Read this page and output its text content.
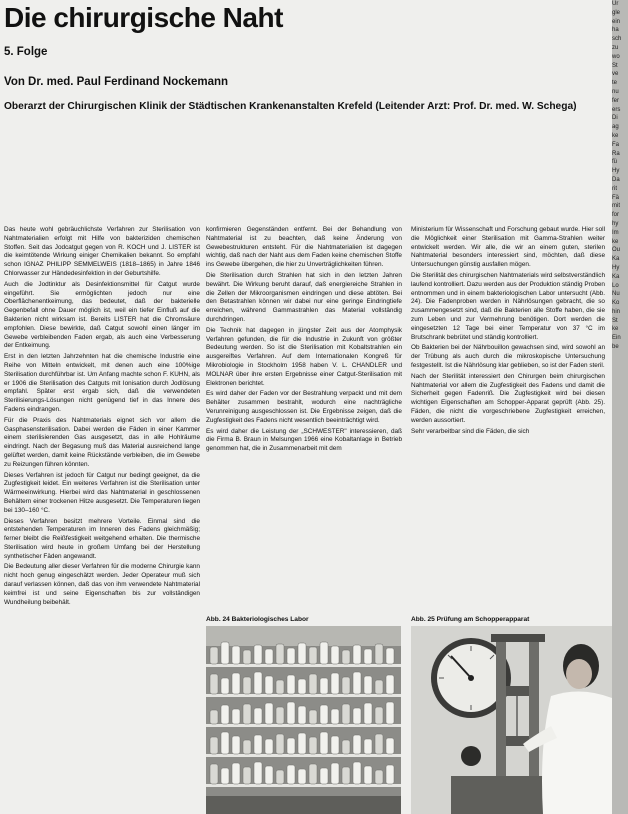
Die chirurgische Naht
5. Folge
Von Dr. med. Paul Ferdinand Nockemann
Oberarzt der Chirurgischen Klinik der Städtischen Krankenanstalten Krefeld (Leitender Arzt: Prof. Dr. med. W. Schega)

Das heute wohl gebräuchlichste Verfahren zur Sterilisation von Nahtmaterialien erfolgt mit Hilfe von bakteriziden chemischen Stoffen. Seit das Jodcatgut gegen von R. KOCH und J. LISTER ist die keimtötende Wirkung einiger Chemikalien bekannt. So empfahl schon IGNAZ PHILIPP SEMMELWEIS (1818–1865) in Jahre 1846 Chlorwasser zur Händedesinfektion in der Geburtshilfe.

Auch die Jodtinktur als Desinfektionsmittel für Catgut wurde eingeführt. Sie ermöglichten jedoch nur eine Oberflächenentkeimung, das bedeutet, daß der bakterielle Gegenbefall ohne Dauer möglich ist, weil ein tiefer Einfluß auf die Bakterien nicht wirksam ist. Bereits LISTER hat die Chromsäure empfohlen. Diese bewirkte, daß Catgut sowohl einen länger im Gewebe verbleibenden Faden ergab, als auch eine Verbesserung der Entkeimung.

Erst in den letzten Jahrzehnten hat die chemische Industrie eine Reihe von Mitteln entwickelt, mit denen auch eine 100%ige Sterilisation durchführbar ist. Um Anfang machte schon F. KUHN, als er 1906 die Sterilisation des Catguts mit Ionisation durch Jodlösung empfahl. Später erst ergab sich, daß die verwendeten Sterilisierungs-Lösungen nicht genügend tief in das Innere des Fadens eindrangen.

Für die Praxis des Nahtmaterials eignet sich vor allem die Gasphasensterilisation. Dabei werden die Fäden in einer Kammer einem sterilisierenden Gas ausgesetzt, das in alle Hohlräume eindringt. Nach der Begasung muß das Material ausreichend lange gelüftet werden, damit keine Rückstände verbleiben, die im Gewebe zu Reizungen führen könnten.

Dieses Verfahren ist jedoch für Catgut nur bedingt geeignet, da die Zugfestigkeit leidet. Ein weiteres Verfahren ist die Sterilisation unter Wärmeeinwirkung. Hierbei wird das Nahtmaterial in geschlossenen Behältern einer trockenen Hitze ausgesetzt. Die Temperaturen liegen bei 130–160 °C.

Dieses Verfahren besitzt mehrere Vorteile. Einmal sind die entstehenden Temperaturen im Inneren des Fadens gleichmäßig; ferner bleibt die Reißfestigkeit weitgehend erhalten. Die thermische Sterilisation wird heute in großem Umfang bei der Herstellung synthetischer Fäden angewandt.

Die Bedeutung aller dieser Verfahren für die moderne Chirurgie kann nicht hoch genug eingeschätzt werden. Jeder Operateur muß sich darauf verlassen können, daß das von ihm verwendete Nahtmaterial keimfrei ist und seine Eigenschaften bis zur vollständigen Wundheilung beibehält.

konfirmieren Gegenständen entfernt. Bei der Behandlung von Nahtmaterial ist zu beachten, daß keine Änderung von Gewebestrukturen entsteht. Für die Nahtmaterialien ist dagegen wichtig, daß nach der Naht aus dem Faden keine chemischen Stoffe ins Gewebe übergehen, die hier zu Unverträglichkeiten führen.

Die Sterilisation durch Strahlen hat sich in den letzten Jahren bewährt. Die Wirkung beruht darauf, daß energiereiche Strahlen in die Zellen der Mikroorganismen eindringen und diese abtöten. Bei den Betastrahlen können wir dabei nur eine geringe Eindringtiefe erreichen, während Gammastrahlen das Material vollständig durchdringen.

Die Technik hat dagegen in jüngster Zeit aus der Atomphysik Verfahren gefunden, die für die Industrie in Zukunft von größter Bedeutung werden. So ist die Sterilisation mit Kobaltstrahlen ein ausgereiftes Verfahren. Auf dem Internationalen Kongreß für Mikrobiologie in Stockholm 1958 haben V. L. CHANDLER und MOLNAR über ihre ersten Ergebnisse einer Catgut-Sterilisation mit Elektronen berichtet.

Es wird daher der Faden vor der Bestrahlung verpackt und mit dem Behälter zusammen bestrahlt, wodurch eine nachträgliche Verunreinigung ausgeschlossen ist. Die Ergebnisse zeigen, daß die Zugfestigkeit des Fadens nicht wesentlich beeinträchtigt wird.

Es wird daher die Leistung der „SCHWESTER" interessieren, daß die Firma B. Braun in Melsungen 1966 eine Kobaltanlage in Betrieb genommen hat, die in Zusammenarbeit mit dem

Ministerium für Wissenschaft und Forschung gebaut wurde. Hier soll die Möglichkeit einer Sterilisation mit Gamma-Strahlen weiter entwickelt werden. Wir alle, die wir an einem guten, sterilen Nahtmaterial besonders interessiert sind, möchten, daß diese Untersuchungen günstig ausfallen mögen.

Die Sterilität des chirurgischen Nahtmaterials wird selbstverständlich laufend kontrolliert. Dazu werden aus der Produktion ständig Proben entnommen und in einem bakteriologischen Labor untersucht (Abb. 24). Die Fadenproben werden in Nährlösungen gebracht, die so zusammengesetzt sind, daß die Bakterien alle Stoffe haben, die sie zum Leben und zur Vermehrung benötigen. Dort werden die eingesetzten 12 Tage bei einer Temperatur von 37 °C im Brutschrank bebrütet und ständig kontrolliert.

Ob Bakterien bei der Nährbouillon gewachsen sind, wird sowohl an der Trübung als auch durch die mikroskopische Untersuchung festgestellt. Ist die Nährlösung klar geblieben, so ist der Faden steril.

Nach der Sterilität interessiert den Chirurgen beim chirurgischen Nahtmaterial vor allem die Zugfestigkeit des Fadens und damit die Sicherheit gegen Fadenriß. Die Zugfestigkeit wird bei diesen wichtigen Eigenschaften am Schopper-Apparat geprüft (Abb. 25). Fäden, die nicht die vorgeschriebene Zugfestigkeit erreichen, werden aussortiert.

Sehr verarbeitbar sind die Fäden, die sich

Abb. 24 Bakteriologisches Labor	Abb. 25 Prüfung am Schopperapparat
Ur
gle
ein
ha
sch
zu
wo
St
ve
te
nu
fer
ers
Di
ag
ke
Fa
Ra
fü
Hy
Da
rit
Fä
mit
for
hy
Im
ke
Ou
Ka
Hy
Ka
Lo
Nu
Ko
hin
St
ke
Ein
be
